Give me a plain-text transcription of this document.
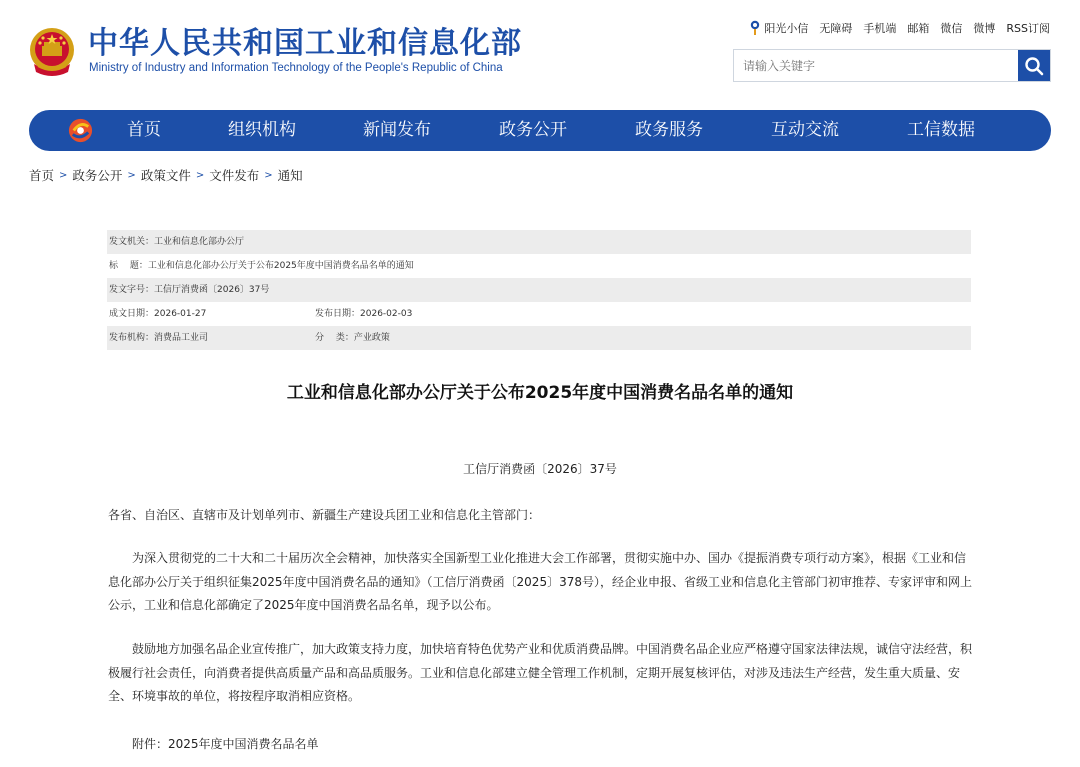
中华人民共和国工业和信息化部
Ministry of Industry and Information Technology of the People's Republic of China
阳光小信 无障碍 手机端 邮箱 微信 微博 RSS订阅
请输入关键字
首页	组织机构	新闻发布	政务公开	政务服务	互动交流	工信数据
首页 > 政务公开 > 政策文件 > 文件发布 > 通知
发文机关： 工业和信息化部办公厅
标　 题： 工业和信息化部办公厅关于公布2025年度中国消费名品名单的通知
发文字号： 工信厅消费函〔2026〕37号
成文日期： 2026-01-27	发布日期： 2026-02-03
发布机构： 消费品工业司	分　 类： 产业政策
工业和信息化部办公厅关于公布2025年度中国消费名品名单的通知
工信厅消费函〔2026〕37号

各省、自治区、直辖市及计划单列市、新疆生产建设兵团工业和信息化主管部门：

为深入贯彻党的二十大和二十届历次全会精神，加快落实全国新型工业化推进大会工作部署，贯彻实施中办、国办《提振消费专项行动方案》，根据《工业和信息化部办公厅关于组织征集2025年度中国消费名品的通知》（工信厅消费函〔2025〕378号），经企业申报、省级工业和信息化主管部门初审推荐、专家评审和网上公示，工业和信息化部确定了2025年度中国消费名品名单，现予以公布。

鼓励地方加强名品企业宣传推广，加大政策支持力度，加快培育特色优势产业和优质消费品牌。中国消费名品企业应严格遵守国家法律法规，诚信守法经营，积极履行社会责任，向消费者提供高质量产品和高品质服务。工业和信息化部建立健全管理工作机制，定期开展复核评估，对涉及违法生产经营，发生重大质量、安全、环境事故的单位，将按程序取消相应资格。

附件：2025年度中国消费名品名单
